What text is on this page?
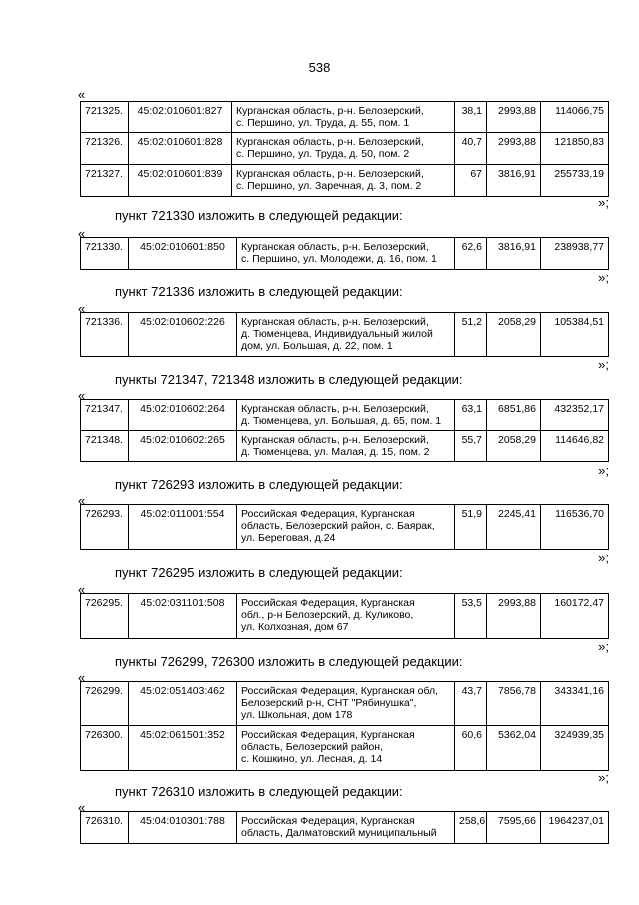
538
«
721325.	45:02:010601:827	Курганская область, р-н. Белозерский,
с. Першино, ул. Труда, д. 55, пом. 1	38,1	2993,88	114066,75
721326.	45:02:010601:828	Курганская область, р-н. Белозерский,
с. Першино, ул. Труда, д. 50, пом. 2	40,7	2993,88	121850,83
721327.	45:02:010601:839	Курганская область, р-н. Белозерский,
с. Першино, ул. Заречная, д. 3, пом. 2	67	3816,91	255733,19
»;
пункт 721330 изложить в следующей редакции:
«
721330.	45:02:010601:850	Курганская область, р-н. Белозерский,
с. Першино, ул. Молодежи, д. 16, пом. 1
	62,6	3816,91	238938,77
»;
пункт 721336 изложить в следующей редакции:
«
721336.	45:02:010602:226	Курганская область, р-н. Белозерский,
д. Тюменцева, Индивидуальный жилой
дом, ул. Большая, д. 22, пом. 1
	51,2	2058,29	105384,51
»;
пункты 721347, 721348 изложить в следующей редакции:
«
721347.	45:02:010602:264	Курганская область, р-н. Белозерский,
д. Тюменцева, ул. Большая, д. 65, пом. 1	63,1	6851,86	432352,17
721348.	45:02:010602:265	Курганская область, р-н. Белозерский,
д. Тюменцева, ул. Малая, д. 15, пом. 2	55,7	2058,29	114646,82
»;
пункт 726293 изложить в следующей редакции:
«
726293.	45:02:011001:554	Российская Федерация, Курганская
область, Белозерский район, с. Баярак,
ул. Береговая, д.24
	51,9	2245,41	116536,70
»;
пункт 726295 изложить в следующей редакции:
«
726295.	45:02:031101:508	Российская Федерация, Курганская
обл., р-н Белозерский, д. Куликово,
ул. Колхозная, дом 67
	53,5	2993,88	160172,47
»;
пункты 726299, 726300 изложить в следующей редакции:
«
726299.	45:02:051403:462	Российская Федерация, Курганская обл,
Белозерский р-н, СНТ "Рябинушка",
ул. Школьная, дом 178	43,7	7856,78	343341,16
726300.	45:02:061501:352	Российская Федерация, Курганская
область, Белозерский район,
с. Кошкино, ул. Лесная, д. 14	60,6	5362,04	324939,35
»;
пункт 726310 изложить в следующей редакции:
«
726310.	45:04:010301:788	Российская Федерация, Курганская
область, Далматовский муниципальный
	258,6	7595,66	1964237,01
